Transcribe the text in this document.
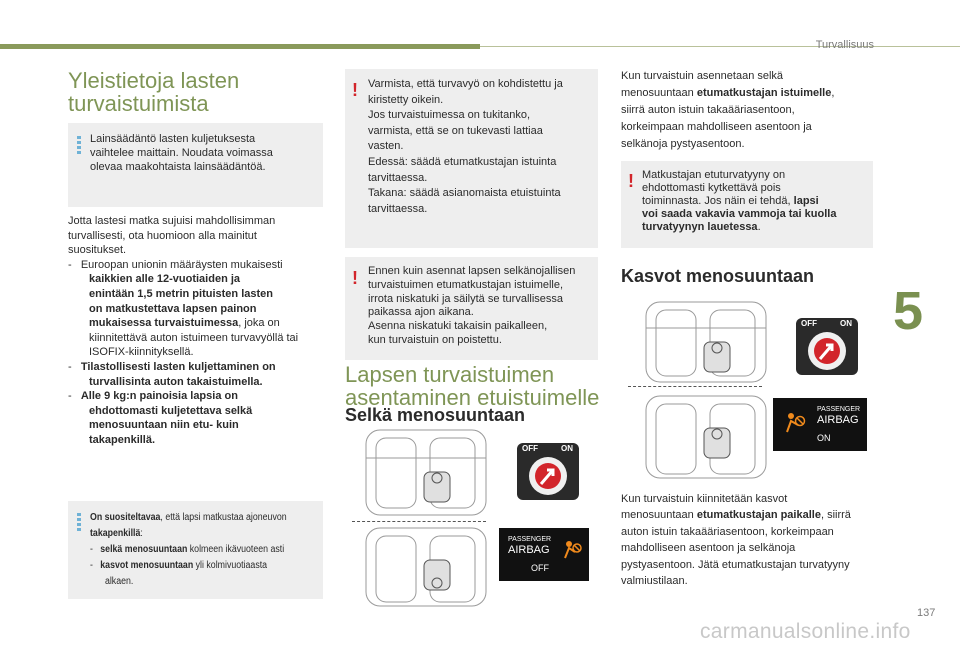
Turvallisuus
5
137
carmanualsonline.info
Yleistietoja lasten
turvaistuimista
Lainsäädäntö lasten kuljetuksesta
vaihtelee maittain. Noudata voimassa
olevaa maakohtaista lainsäädäntöä.
Jotta lastesi matka sujuisi mahdollisimman
turvallisesti, ota huomioon alla mainitut
suositukset.
- Euroopan unionin määräysten mukaisesti
kaikkien alle 12-vuotiaiden ja
enintään 1,5 metrin pituisten lasten
on matkustettava lapsen painon
mukaisessa turvaistuimessa, joka on
kiinnitettävä auton istuimeen turvavyöllä tai
ISOFIX-kiinnityksellä.
- Tilastollisesti lasten kuljettaminen on
turvallisinta auton takaistuimella.
- Alle 9 kg:n painoisia lapsia on
ehdottomasti kuljetettava selkä
menosuuntaan niin etu- kuin
takapenkillä.
On suositeltavaa, että lapsi matkustaa ajoneuvon
takapenkillä:
- selkä menosuuntaan kolmeen ikävuoteen asti
- kasvot menosuuntaan yli kolmivuotiaasta
alkaen.
! Varmista, että turvavyö on kohdistettu ja
kiristetty oikein.
Jos turvaistuimessa on tukitanko,
varmista, että se on tukevasti lattiaa
vasten.
Edessä: säädä etumatkustajan istuinta
tarvittaessa.
Takana: säädä asianomaista etuistuinta
tarvittaessa.
! Ennen kuin asennat lapsen selkänojallisen
turvaistuimen etumatkustajan istuimelle,
irrota niskatuki ja säilytä se turvallisessa
paikassa ajon aikana.
Asenna niskatuki takaisin paikalleen,
kun turvaistuin on poistettu.
Lapsen turvaistuimen
asentaminen etuistuimelle
Selkä menosuuntaan
OFF	ON
PASSENGER
AIRBAG
OFF
Kun turvaistuin asennetaan selkä
menosuuntaan etumatkustajan istuimelle,
siirrä auton istuin takaääriasentoon,
korkeimpaan mahdolliseen asentoon ja
selkänoja pystyasentoon.
! Matkustajan etuturvatyyny on
ehdottomasti kytkettävä pois
toiminnasta. Jos näin ei tehdä, lapsi
voi saada vakavia vammoja tai kuolla
turvatyynyn lauetessa.
Kasvot menosuuntaan
OFF	ON
PASSENGER
AIRBAG
ON
Kun turvaistuin kiinnitetään kasvot
menosuuntaan etumatkustajan paikalle, siirrä
auton istuin takaääriasentoon, korkeimpaan
mahdolliseen asentoon ja selkänoja
pystyasentoon. Jätä etumatkustajan turvatyyny
valmiustilaan.
